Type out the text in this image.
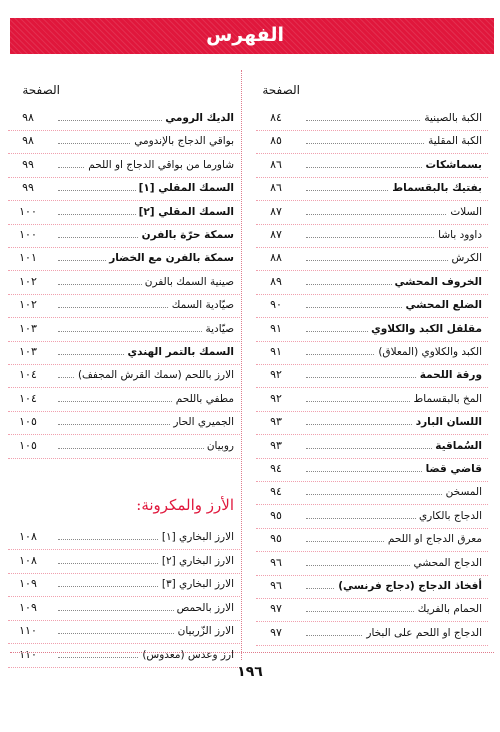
الفهرس
الصفحة
الصفحة
الكبة بالصينية
٨٤
الكبة المقلية
٨٥
بسماشكات
٨٦
بفتيك بالبقسماط
٨٦
السلات
٨٧
داوود باشا
٨٧
الكرش
٨٨
الخروف المحشي
٨٩
الضلع المحشي
٩٠
مقلقل الكبد والكلاوي
٩١
الكبد والكلاوي (المعلاق)
٩١
ورقة اللحمة
٩٢
المخ بالبقسماط
٩٢
اللسان البارد
٩٣
السُماقية
٩٣
قاضي قضا
٩٤
المسخن
٩٤
الدجاج بالكاري
٩٥
معرق الدجاج او اللحم
٩٥
الدجاج المحشي
٩٦
أفخاذ الدجاج (دجاج فرنسي)
٩٦
الحمام بالفريك
٩٧
الدجاج او اللحم على البخار
٩٧
الديك الرومي
٩٨
بواقي الدجاج بالإندومي
٩٨
شاورما من بواقي الدجاج او اللحم
٩٩
السمك المقلي [١]
٩٩
السمك المقلي [٢]
١٠٠
سمكة حرّة بالفرن
١٠٠
سمكة بالفرن مع الخضار
١٠١
صينية السمك بالفرن
١٠٢
صيّادية السمك
١٠٢
صيّادية
١٠٣
السمك بالتمر الهندي
١٠٣
الارز باللحم (سمك القرش المجفف)
١٠٤
مطفي باللحم
١٠٤
الجميري الحار
١٠٥
روبيان
١٠٥
الأرز والمكرونة:
الارز البخاري [١]
١٠٨
الارز البخاري [٢]
١٠٨
الارز البخاري [٣]
١٠٩
الارز بالحمص
١٠٩
الارز الزّربيان
١١٠
ارز وعدس (معدوس)
١١٠
١٩٦
